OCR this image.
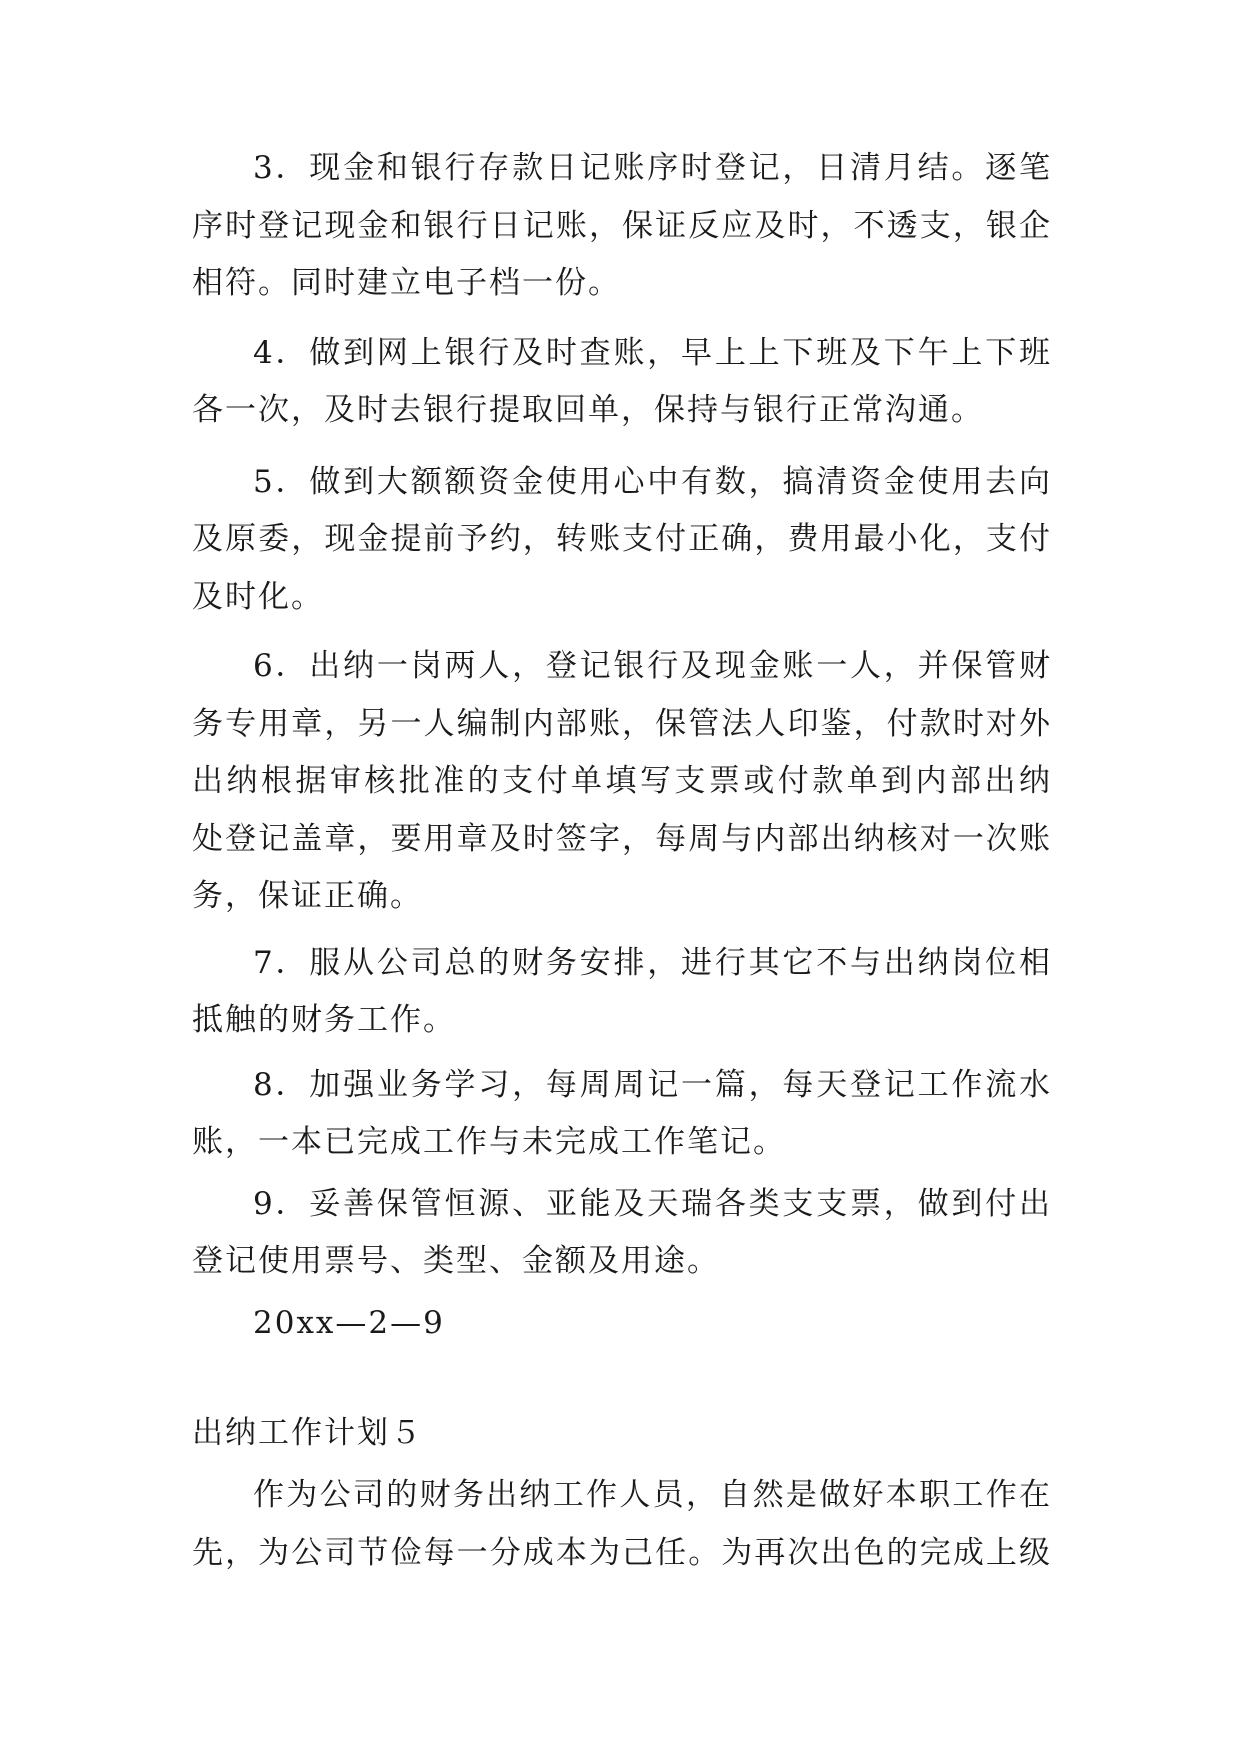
3．现金和银行存款日记账序时登记，日清月结。逐笔
序时登记现金和银行日记账，保证反应及时，不透支，银企
相符。同时建立电子档一份。
4．做到网上银行及时查账，早上上下班及下午上下班
各一次，及时去银行提取回单，保持与银行正常沟通。
5．做到大额额资金使用心中有数，搞清资金使用去向
及原委，现金提前予约，转账支付正确，费用最小化，支付
及时化。
6．出纳一岗两人，登记银行及现金账一人，并保管财
务专用章，另一人编制内部账，保管法人印鉴，付款时对外
出纳根据审核批准的支付单填写支票或付款单到内部出纳
处登记盖章，要用章及时签字，每周与内部出纳核对一次账
务，保证正确。
7．服从公司总的财务安排，进行其它不与出纳岗位相
抵触的财务工作。
8．加强业务学习，每周周记一篇，每天登记工作流水
账，一本已完成工作与未完成工作笔记。
9．妥善保管恒源、亚能及天瑞各类支支票，做到付出
登记使用票号、类型、金额及用途。
20xx—2—9
出纳工作计划５
作为公司的财务出纳工作人员，自然是做好本职工作在
先，为公司节俭每一分成本为己任。为再次出色的完成上级
